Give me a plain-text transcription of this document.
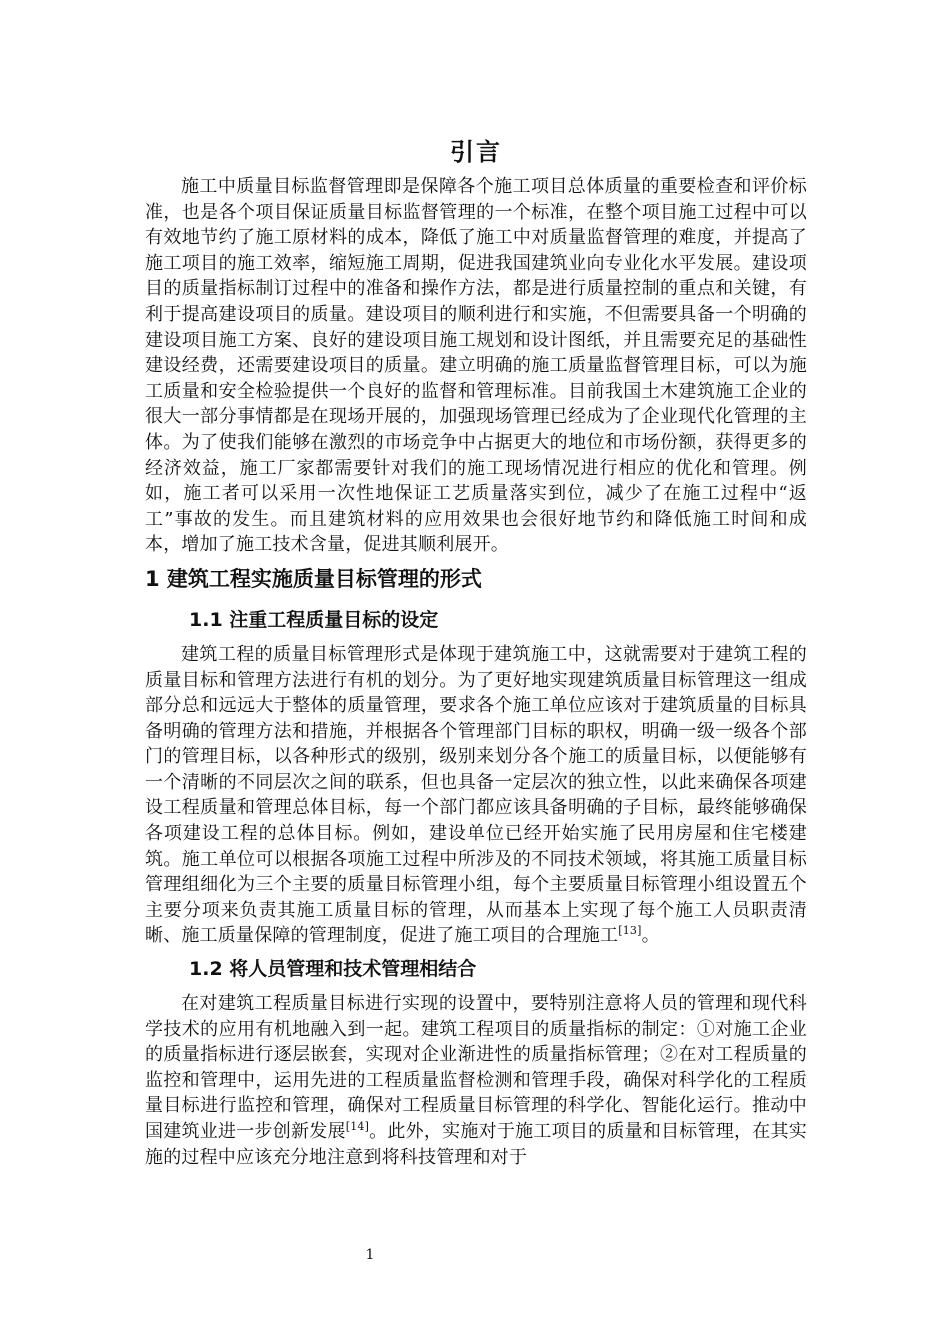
引言

施工中质量目标监督管理即是保障各个施工项目总体质量的重要检查和评价标准，也是各个项目保证质量目标监督管理的一个标准，在整个项目施工过程中可以有效地节约了施工原材料的成本，降低了施工中对质量监督管理的难度，并提高了施工项目的施工效率，缩短施工周期，促进我国建筑业向专业化水平发展。建设项目的质量指标制订过程中的准备和操作方法，都是进行质量控制的重点和关键，有利于提高建设项目的质量。建设项目的顺利进行和实施，不但需要具备一个明确的建设项目施工方案、良好的建设项目施工规划和设计图纸，并且需要充足的基础性建设经费，还需要建设项目的质量。建立明确的施工质量监督管理目标，可以为施工质量和安全检验提供一个良好的监督和管理标准。目前我国土木建筑施工企业的很大一部分事情都是在现场开展的，加强现场管理已经成为了企业现代化管理的主体。为了使我们能够在激烈的市场竞争中占据更大的地位和市场份额，获得更多的经济效益，施工厂家都需要针对我们的施工现场情况进行相应的优化和管理。例如，施工者可以采用一次性地保证工艺质量落实到位，减少了在施工过程中“返工”事故的发生。而且建筑材料的应用效果也会很好地节约和降低施工时间和成本，增加了施工技术含量，促进其顺利展开。

1 建筑工程实施质量目标管理的形式
1.1 注重工程质量目标的设定

建筑工程的质量目标管理形式是体现于建筑施工中，这就需要对于建筑工程的质量目标和管理方法进行有机的划分。为了更好地实现建筑质量目标管理这一组成部分总和远远大于整体的质量管理，要求各个施工单位应该对于建筑质量的目标具备明确的管理方法和措施，并根据各个管理部门目标的职权，明确一级一级各个部门的管理目标，以各种形式的级别，级别来划分各个施工的质量目标，以便能够有一个清晰的不同层次之间的联系，但也具备一定层次的独立性，以此来确保各项建设工程质量和管理总体目标，每一个部门都应该具备明确的子目标，最终能够确保各项建设工程的总体目标。例如，建设单位已经开始实施了民用房屋和住宅楼建筑。施工单位可以根据各项施工过程中所涉及的不同技术领域，将其施工质量目标管理组细化为三个主要的质量目标管理小组，每个主要质量目标管理小组设置五个主要分项来负责其施工质量目标的管理，从而基本上实现了每个施工人员职责清晰、施工质量保障的管理制度，促进了施工项目的合理施工[13]。

1.2 将人员管理和技术管理相结合

在对建筑工程质量目标进行实现的设置中，要特别注意将人员的管理和现代科学技术的应用有机地融入到一起。建筑工程项目的质量指标的制定：①对施工企业的质量指标进行逐层嵌套，实现对企业渐进性的质量指标管理；②在对工程质量的监控和管理中，运用先进的工程质量监督检测和管理手段，确保对科学化的工程质量目标进行监控和管理，确保对工程质量目标管理的科学化、智能化运行。推动中国建筑业进一步创新发展[14]。此外，实施对于施工项目的质量和目标管理，在其实施的过程中应该充分地注意到将科技管理和对于

1
